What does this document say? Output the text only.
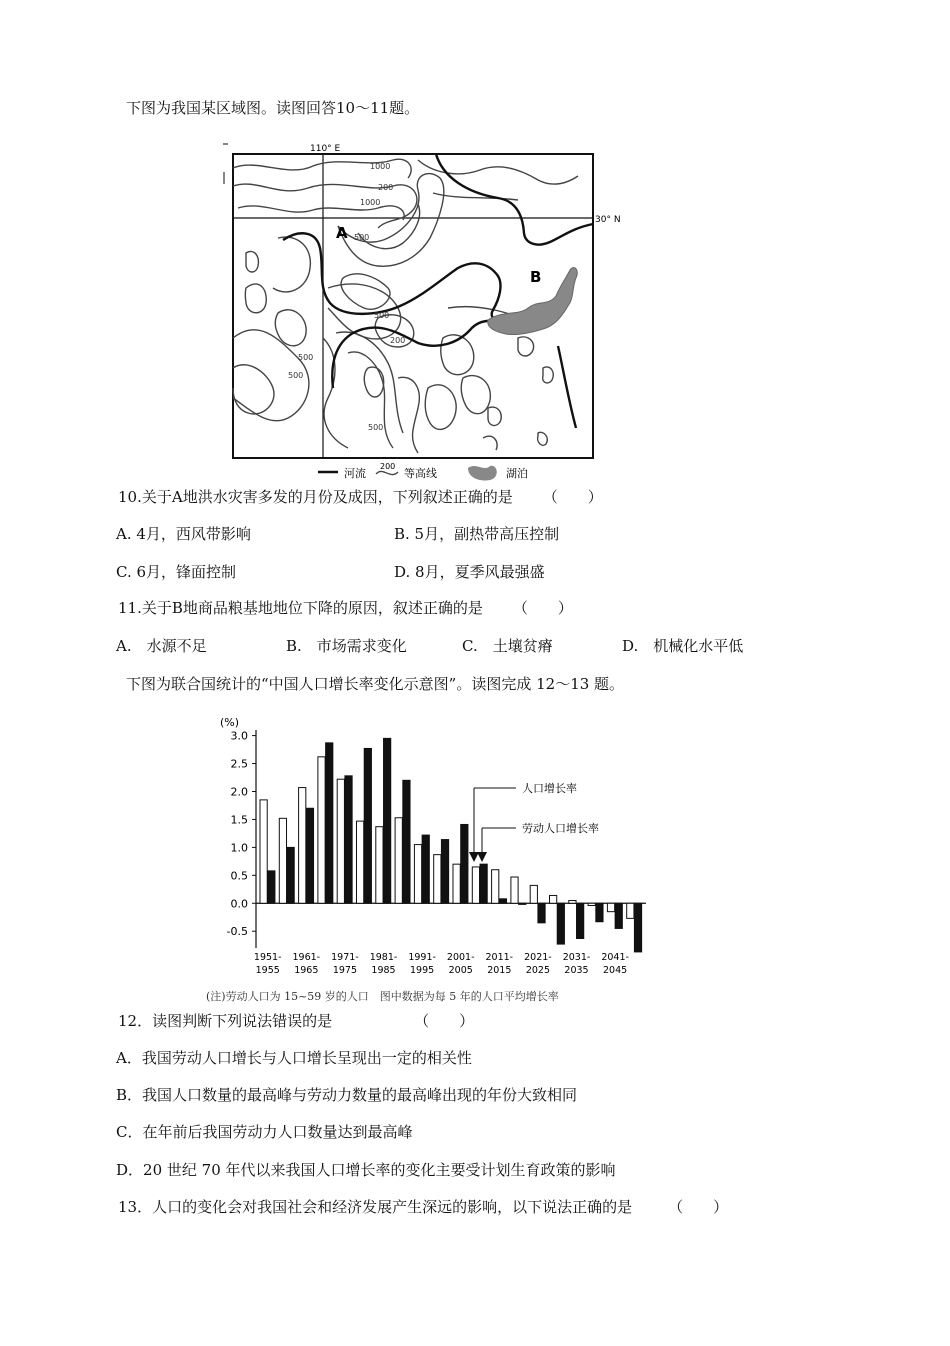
下图为我国某区域图。读图回答10～11题。
110° E
30° N
1000
200
1000
500
500
200
500
500
500
A
B
河流
200
等高线	湖泊
10.关于A地洪水灾害多发的月份及成因，下列叙述正确的是 （　　）
A. 4月，西风带影响	B. 5月，副热带高压控制
C. 6月，锋面控制	D. 8月，夏季风最强盛
11.关于B地商品粮基地地位下降的原因，叙述正确的是 （　　）
A.　水源不足	B.　市场需求变化	C.　土壤贫瘠	D.　机械化水平低
下图为联合国统计的“中国人口增长率变化示意图”。读图完成 12～13 题。
(%)
3.0
2.5
2.0
1.5
1.0
0.5
0.0
-0.5
1951-
1955
1961-
1965
1971-
1975
1981-
1985
1991-
1995
2001-
2005
2011-
2015
2021-
2025
2031-
2035
2041-
2045
人口增长率
劳动人口增长率
(注)劳动人口为 15~59 岁的人口　图中数据为每 5 年的人口平均增长率
12．读图判断下列说法错误的是	（　　）
A．我国劳动人口增长与人口增长呈现出一定的相关性
B．我国人口数量的最高峰与劳动力数量的最高峰出现的年份大致相同
C．在年前后我国劳动力人口数量达到最高峰
D．20 世纪 70 年代以来我国人口增长率的变化主要受计划生育政策的影响
13．人口的变化会对我国社会和经济发展产生深远的影响，以下说法正确的是 （　　）
